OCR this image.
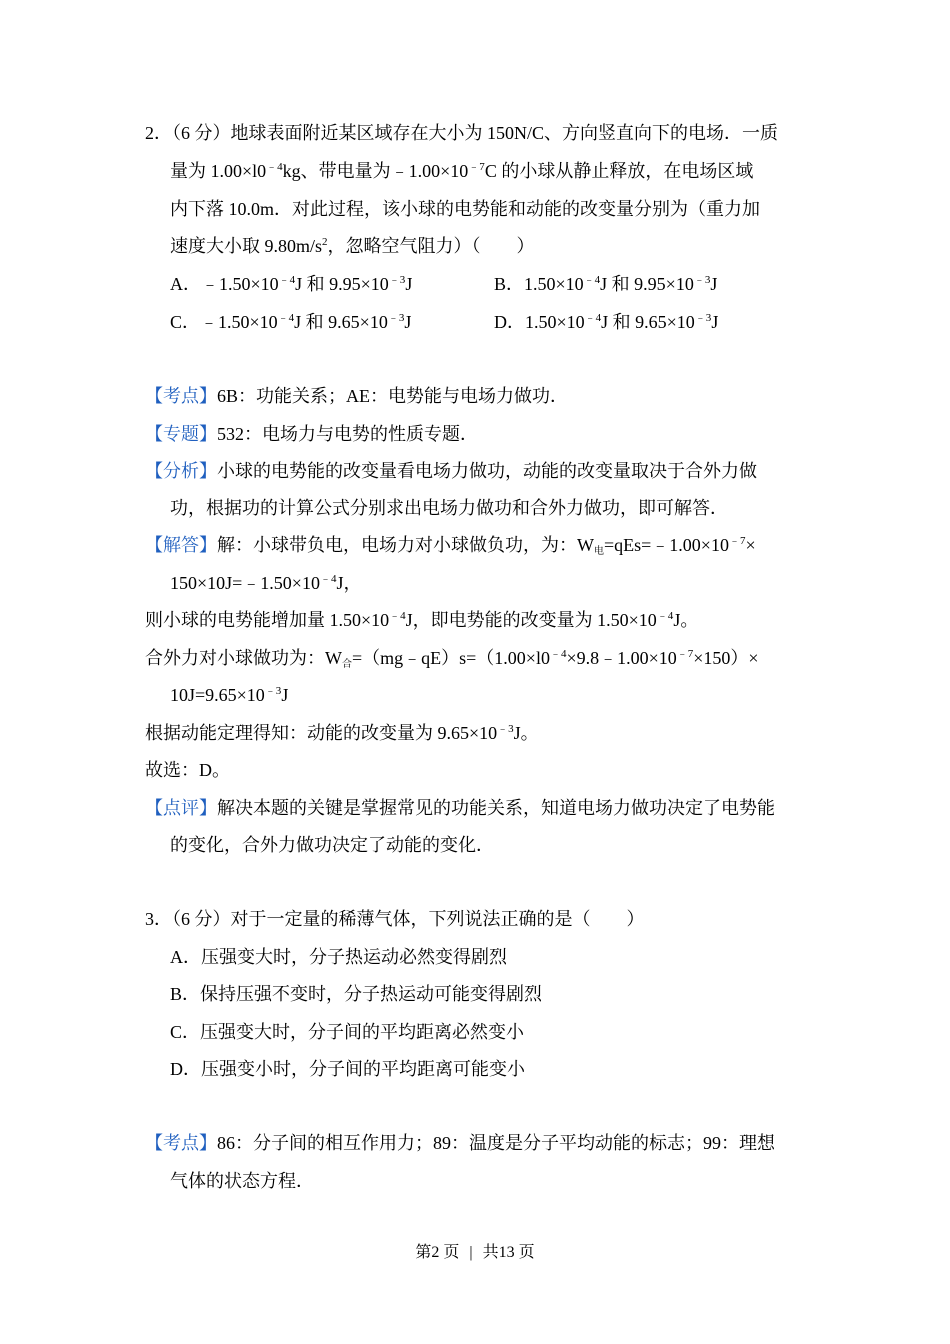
2．（6 分）地球表面附近某区域存在大小为 150N/C、方向竖直向下的电场．一质
量为 $1.00\times l0^{﹣4}kg$、带电量为$﹣1.00\times 10^{﹣7}C$ 的小球从静止释放，在电场区域
内下落 10.0m．对此过程，该小球的电势能和动能的改变量分别为（重力加
速度大小取 $9.80m/s^2$，忽略空气阻力）（　　）
A．$﹣1.50\times 10^{﹣4}J$ 和 $9.95\times 10^{﹣3}J$	B．$1.50\times 10^{﹣4}J$ 和 $9.95\times 10^{﹣3}J$
C．$﹣1.50\times 10^{﹣4}J$ 和 $9.65\times 10^{﹣3}J$	D．$1.50\times 10^{﹣4}J$ 和 $9.65\times 10^{﹣3}J$
【考点】6B：功能关系；AE：电势能与电场力做功．
【专题】532：电场力与电势的性质专题．
【分析】小球的电势能的改变量看电场力做功，动能的改变量取决于合外力做
功，根据功的计算公式分别求出电场力做功和合外力做功，即可解答．
【解答】解：小球带负电，电场力对小球做负功，为：$W_电=qEs=﹣1.00\times 10^{﹣7}\times$
$150\times 10J=﹣1.50\times 10^{﹣4}J$，
则小球的电势能增加量 $1.50\times 10^{﹣4}J$，即电势能的改变量为 $1.50\times 10^{﹣4}J$。
合外力对小球做功为：$W_合=(mg﹣qE)s=(1.00\times l0^{﹣4}\times 9.8﹣1.00\times 10^{﹣7}\times 150)\times$
$10J=9.65\times 10^{﹣3}J$
根据动能定理得知：动能的改变量为 $9.65\times 10^{﹣3}J$。
故选：D。
【点评】解决本题的关键是掌握常见的功能关系，知道电场力做功决定了电势能
的变化，合外力做功决定了动能的变化．
3．（6 分）对于一定量的稀薄气体，下列说法正确的是（　　）
A．压强变大时，分子热运动必然变得剧烈
B．保持压强不变时，分子热运动可能变得剧烈
C．压强变大时，分子间的平均距离必然变小
D．压强变小时，分子间的平均距离可能变小
【考点】86：分子间的相互作用力；89：温度是分子平均动能的标志；99：理想
气体的状态方程．
第2 页 | 共13 页
